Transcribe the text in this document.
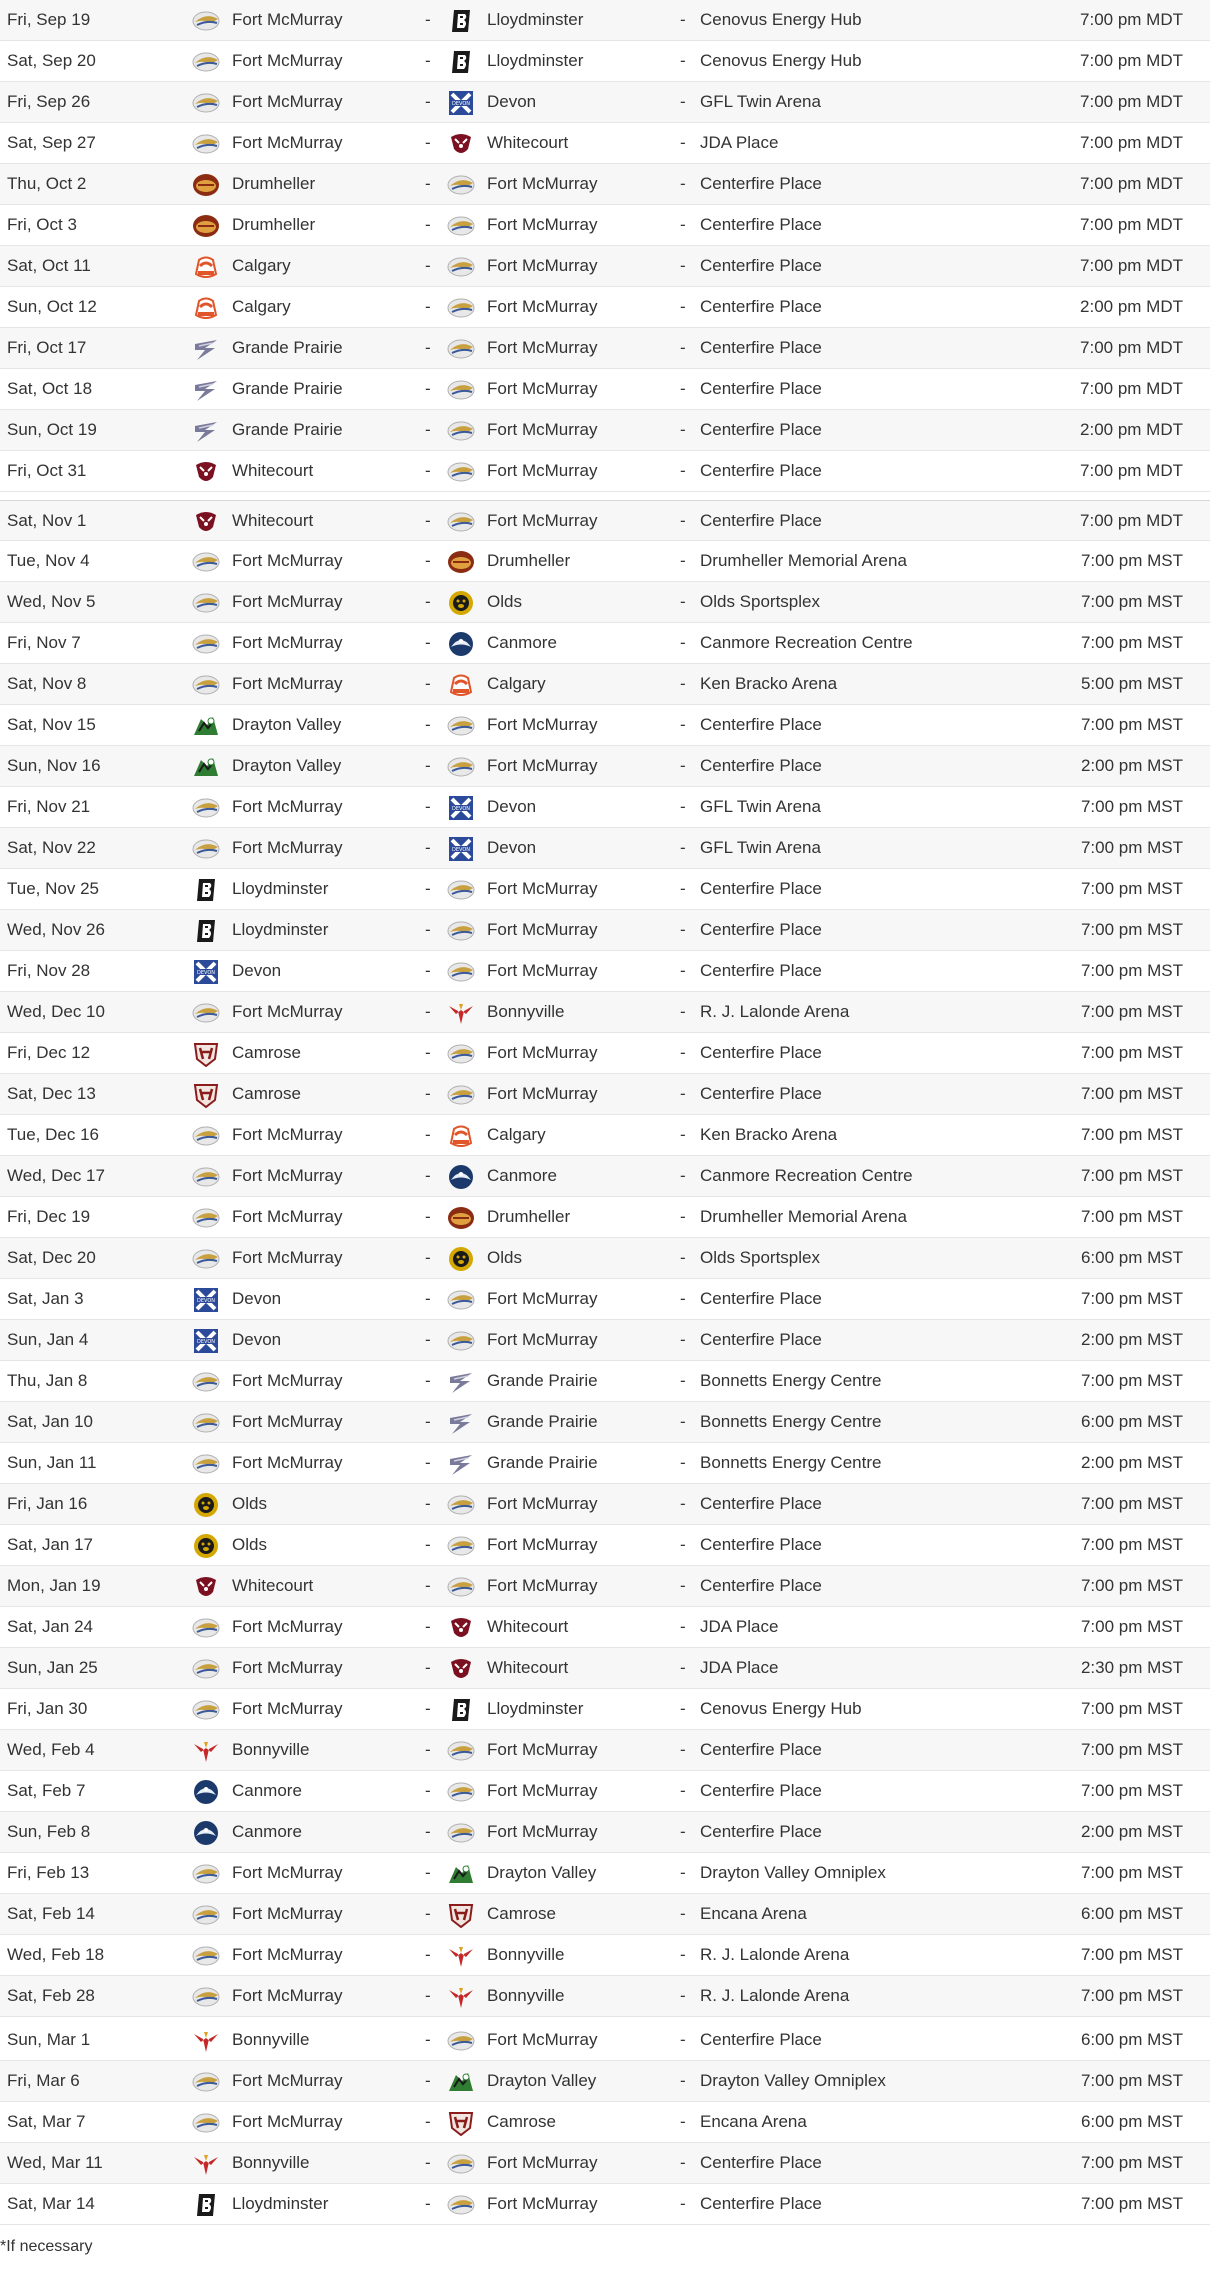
Fri, Sep 19	Fort McMurray	-	Lloydminster	- Cenovus Energy Hub	7:00 pm MDT
Sat, Sep 20	Fort McMurray	-	Lloydminster	- Cenovus Energy Hub	7:00 pm MDT
Fri, Sep 26	Fort McMurray	-	DEVON Devon	- GFL Twin Arena	7:00 pm MDT
Sat, Sep 27	Fort McMurray	-	Whitecourt	- JDA Place	7:00 pm MDT
Thu, Oct 2	Drumheller	-	Fort McMurray	- Centerfire Place	7:00 pm MDT
Fri, Oct 3	Drumheller	-	Fort McMurray	- Centerfire Place	7:00 pm MDT
Sat, Oct 11	Calgary	-	Fort McMurray	- Centerfire Place	7:00 pm MDT
Sun, Oct 12	Calgary	-	Fort McMurray	- Centerfire Place	2:00 pm MDT
Fri, Oct 17	Grande Prairie	-	Fort McMurray	- Centerfire Place	7:00 pm MDT
Sat, Oct 18	Grande Prairie	-	Fort McMurray	- Centerfire Place	7:00 pm MDT
Sun, Oct 19	Grande Prairie	-	Fort McMurray	- Centerfire Place	2:00 pm MDT
Fri, Oct 31	Whitecourt	-	Fort McMurray	- Centerfire Place	7:00 pm MDT
Sat, Nov 1	Whitecourt	-	Fort McMurray	- Centerfire Place	7:00 pm MDT
Tue, Nov 4	Fort McMurray	-	Drumheller	- Drumheller Memorial Arena	7:00 pm MST
Wed, Nov 5	Fort McMurray	-	Olds	- Olds Sportsplex	7:00 pm MST
Fri, Nov 7	Fort McMurray	-	Canmore	- Canmore Recreation Centre	7:00 pm MST
Sat, Nov 8	Fort McMurray	-	Calgary	- Ken Bracko Arena	5:00 pm MST
Sat, Nov 15	Drayton Valley	-	Fort McMurray	- Centerfire Place	7:00 pm MST
Sun, Nov 16	Drayton Valley	-	Fort McMurray	- Centerfire Place	2:00 pm MST
Fri, Nov 21	Fort McMurray	-	DEVON Devon	- GFL Twin Arena	7:00 pm MST
Sat, Nov 22	Fort McMurray	-	DEVON Devon	- GFL Twin Arena	7:00 pm MST
Tue, Nov 25	Lloydminster	-	Fort McMurray	- Centerfire Place	7:00 pm MST
Wed, Nov 26	Lloydminster	-	Fort McMurray	- Centerfire Place	7:00 pm MST
Fri, Nov 28	DEVON Devon	-	Fort McMurray	- Centerfire Place	7:00 pm MST
Wed, Dec 10	Fort McMurray	-	Bonnyville	- R. J. Lalonde Arena	7:00 pm MST
Fri, Dec 12	Camrose	-	Fort McMurray	- Centerfire Place	7:00 pm MST
Sat, Dec 13	Camrose	-	Fort McMurray	- Centerfire Place	7:00 pm MST
Tue, Dec 16	Fort McMurray	-	Calgary	- Ken Bracko Arena	7:00 pm MST
Wed, Dec 17	Fort McMurray	-	Canmore	- Canmore Recreation Centre	7:00 pm MST
Fri, Dec 19	Fort McMurray	-	Drumheller	- Drumheller Memorial Arena	7:00 pm MST
Sat, Dec 20	Fort McMurray	-	Olds	- Olds Sportsplex	6:00 pm MST
Sat, Jan 3	DEVON Devon	-	Fort McMurray	- Centerfire Place	7:00 pm MST
Sun, Jan 4	DEVON Devon	-	Fort McMurray	- Centerfire Place	2:00 pm MST
Thu, Jan 8	Fort McMurray	-	Grande Prairie	- Bonnetts Energy Centre	7:00 pm MST
Sat, Jan 10	Fort McMurray	-	Grande Prairie	- Bonnetts Energy Centre	6:00 pm MST
Sun, Jan 11	Fort McMurray	-	Grande Prairie	- Bonnetts Energy Centre	2:00 pm MST
Fri, Jan 16	Olds	-	Fort McMurray	- Centerfire Place	7:00 pm MST
Sat, Jan 17	Olds	-	Fort McMurray	- Centerfire Place	7:00 pm MST
Mon, Jan 19	Whitecourt	-	Fort McMurray	- Centerfire Place	7:00 pm MST
Sat, Jan 24	Fort McMurray	-	Whitecourt	- JDA Place	7:00 pm MST
Sun, Jan 25	Fort McMurray	-	Whitecourt	- JDA Place	2:30 pm MST
Fri, Jan 30	Fort McMurray	-	Lloydminster	- Cenovus Energy Hub	7:00 pm MST
Wed, Feb 4	Bonnyville	-	Fort McMurray	- Centerfire Place	7:00 pm MST
Sat, Feb 7	Canmore	-	Fort McMurray	- Centerfire Place	7:00 pm MST
Sun, Feb 8	Canmore	-	Fort McMurray	- Centerfire Place	2:00 pm MST
Fri, Feb 13	Fort McMurray	-	Drayton Valley	- Drayton Valley Omniplex	7:00 pm MST
Sat, Feb 14	Fort McMurray	-	Camrose	- Encana Arena	6:00 pm MST
Wed, Feb 18	Fort McMurray	-	Bonnyville	- R. J. Lalonde Arena	7:00 pm MST
Sat, Feb 28	Fort McMurray	-	Bonnyville	- R. J. Lalonde Arena	7:00 pm MST
Sun, Mar 1	Bonnyville	-	Fort McMurray	- Centerfire Place	6:00 pm MST
Fri, Mar 6	Fort McMurray	-	Drayton Valley	- Drayton Valley Omniplex	7:00 pm MST
Sat, Mar 7	Fort McMurray	-	Camrose	- Encana Arena	6:00 pm MST
Wed, Mar 11	Bonnyville	-	Fort McMurray	- Centerfire Place	7:00 pm MST
Sat, Mar 14	Lloydminster	-	Fort McMurray	- Centerfire Place	7:00 pm MST
*If necessary
